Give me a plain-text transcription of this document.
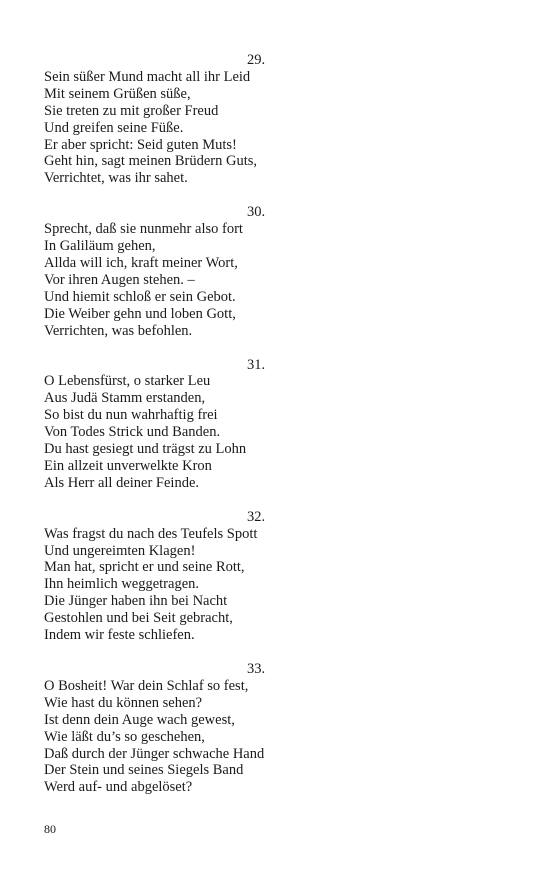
29.
Sein süßer Mund macht all ihr Leid
Mit seinem Grüßen süße,
Sie treten zu mit großer Freud
Und greifen seine Füße.
Er aber spricht: Seid guten Muts!
Geht hin, sagt meinen Brüdern Guts,
Verrichtet, was ihr sahet.
30.
Sprecht, daß sie nunmehr also fort
In Galiläum gehen,
Allda will ich, kraft meiner Wort,
Vor ihren Augen stehen. –
Und hiemit schloß er sein Gebot.
Die Weiber gehn und loben Gott,
Verrichten, was befohlen.
31.
O Lebensfürst, o starker Leu
Aus Judä Stamm erstanden,
So bist du nun wahrhaftig frei
Von Todes Strick und Banden.
Du hast gesiegt und trägst zu Lohn
Ein allzeit unverwelkte Kron
Als Herr all deiner Feinde.
32.
Was fragst du nach des Teufels Spott
Und ungereimten Klagen!
Man hat, spricht er und seine Rott,
Ihn heimlich weggetragen.
Die Jünger haben ihn bei Nacht
Gestohlen und bei Seit gebracht,
Indem wir feste schliefen.
33.
O Bosheit! War dein Schlaf so fest,
Wie hast du können sehen?
Ist denn dein Auge wach gewest,
Wie läßt du’s so geschehen,
Daß durch der Jünger schwache Hand
Der Stein und seines Siegels Band
Werd auf- und abgelöset?
80
